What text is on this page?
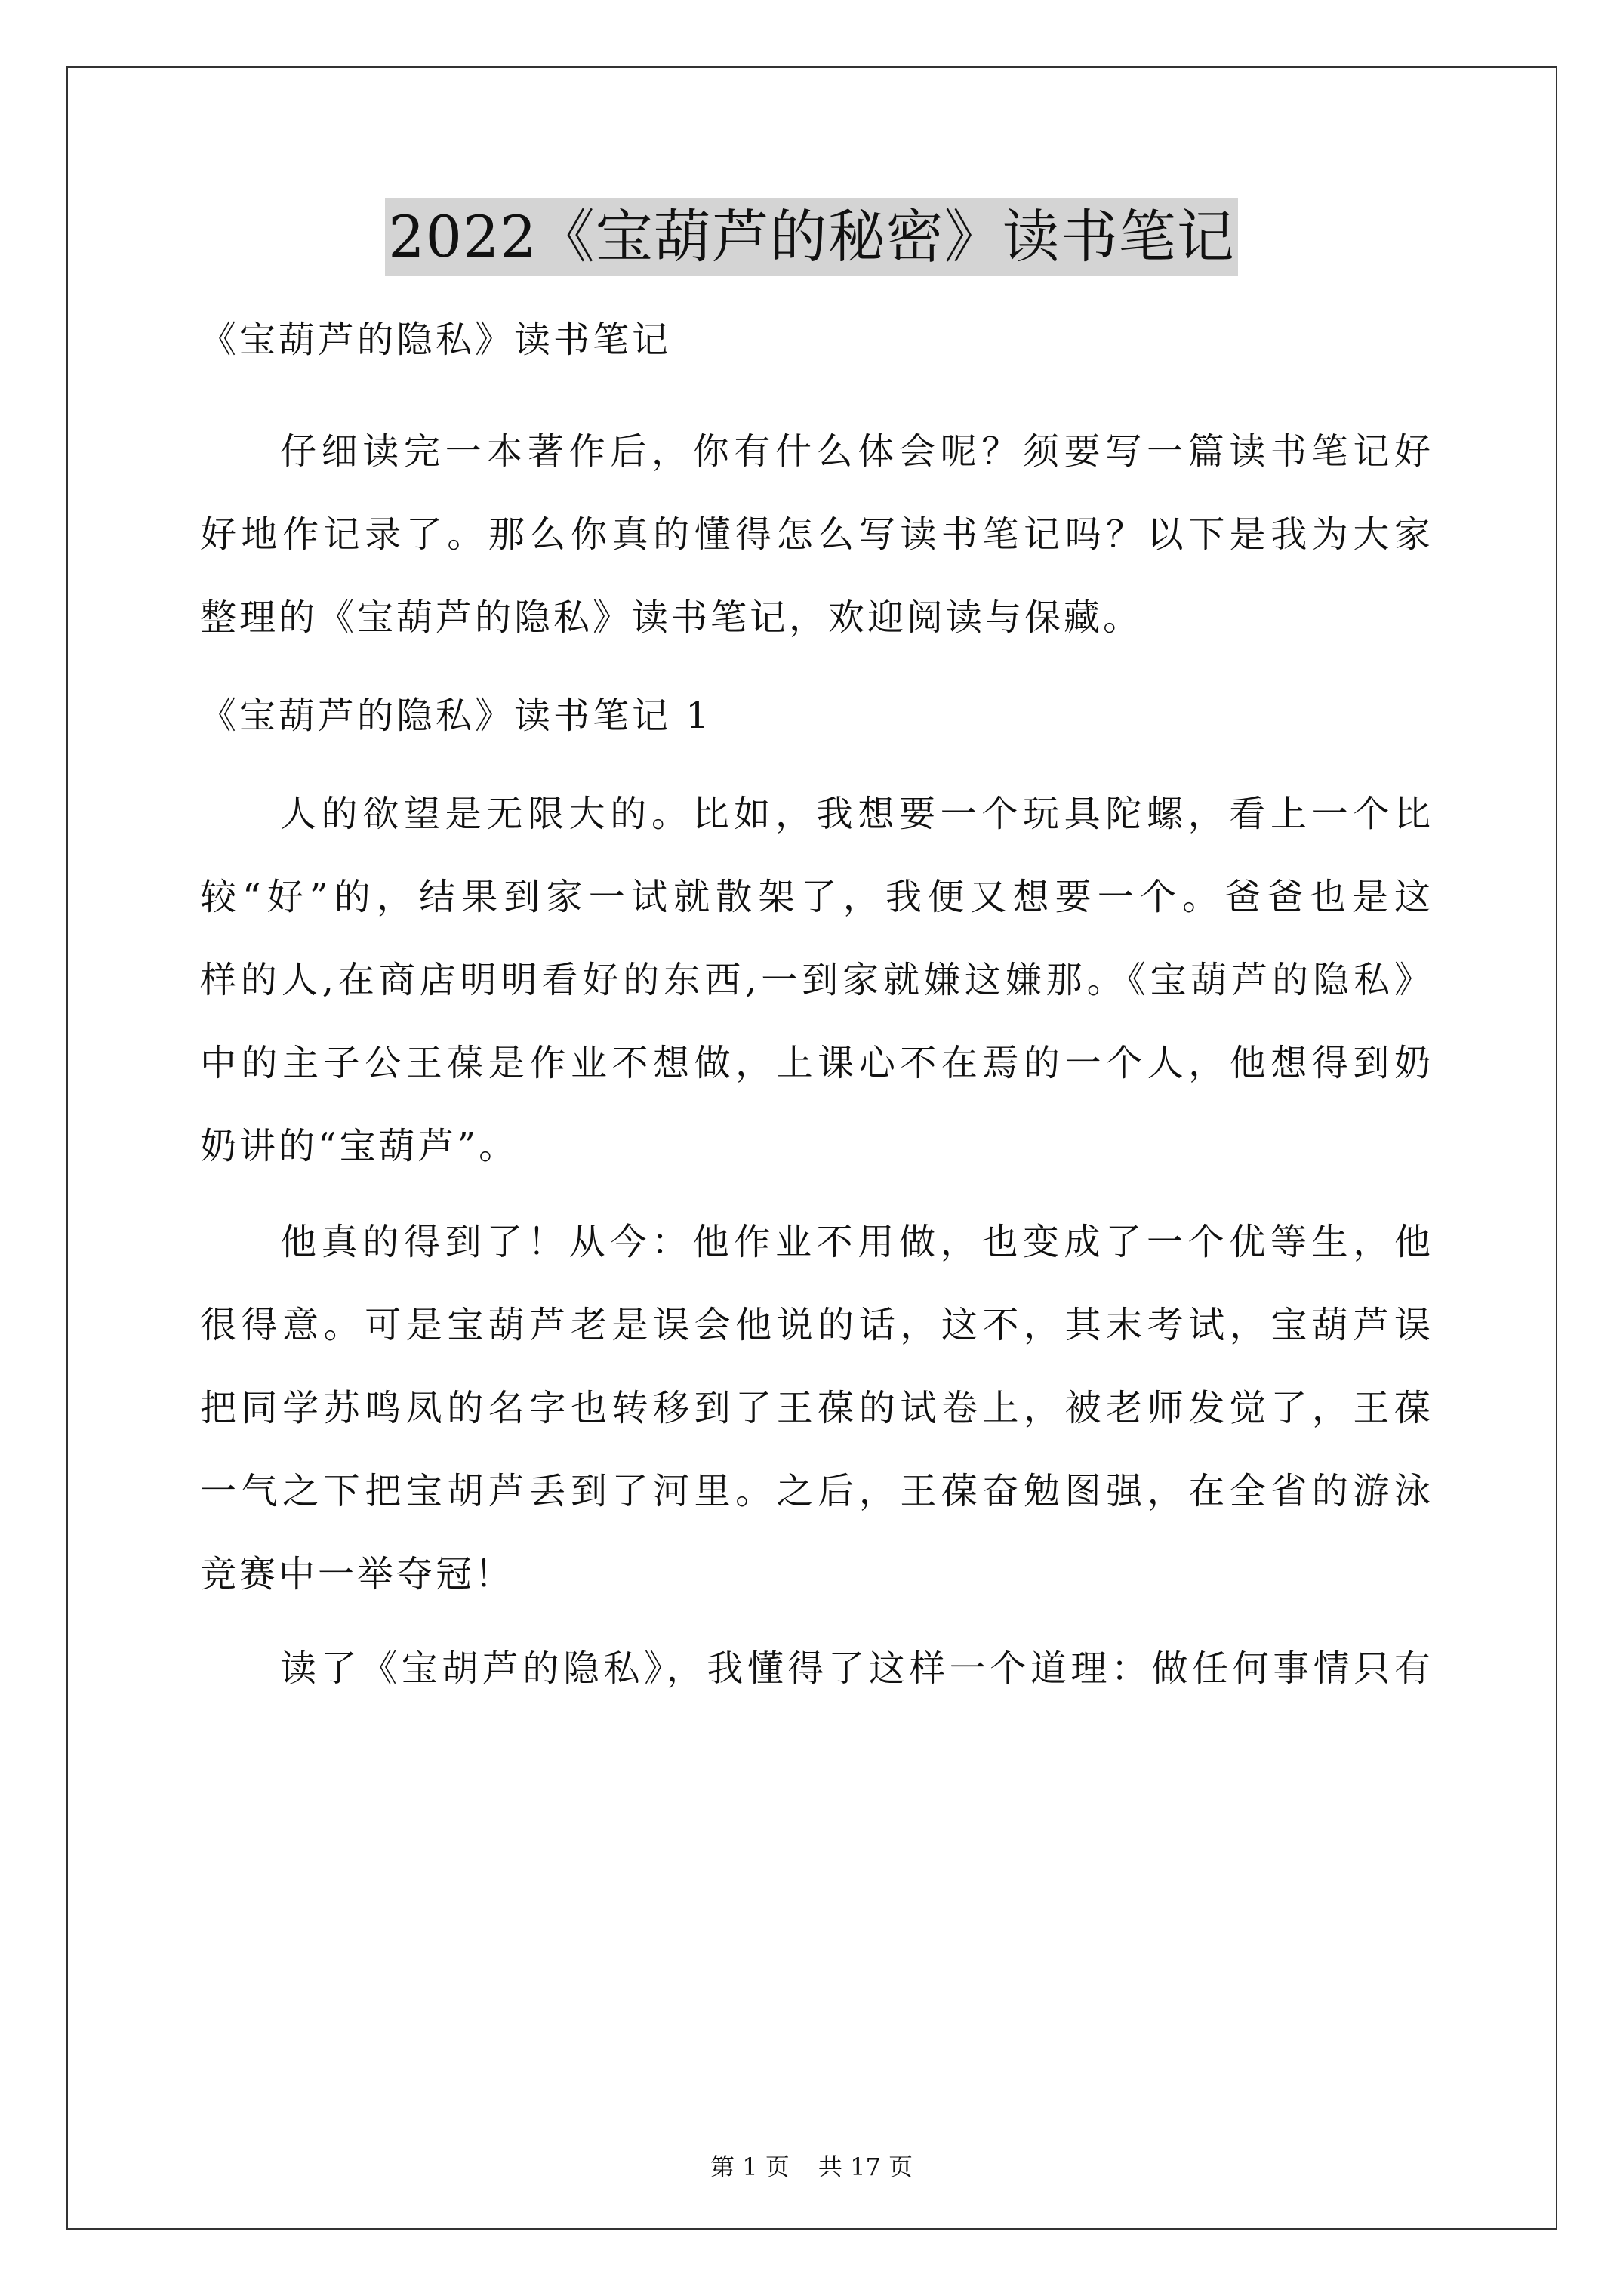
2022《宝葫芦的秘密》读书笔记
《宝葫芦的隐私》读书笔记
仔细读完一本著作后，你有什么体会呢？须要写一篇读书笔记好
好地作记录了。那么你真的懂得怎么写读书笔记吗？以下是我为大家
整理的《宝葫芦的隐私》读书笔记，欢迎阅读与保藏。
《宝葫芦的隐私》读书笔记 1
人的欲望是无限大的。比如，我想要一个玩具陀螺，看上一个比
较“好”的，结果到家一试就散架了，我便又想要一个。爸爸也是这
样的人,在商店明明看好的东西,一到家就嫌这嫌那。《宝葫芦的隐私》
中的主子公王葆是作业不想做，上课心不在焉的一个人，他想得到奶
奶讲的“宝葫芦”。
他真的得到了！从今：他作业不用做，也变成了一个优等生，他
很得意。可是宝葫芦老是误会他说的话，这不，其末考试，宝葫芦误
把同学苏鸣凤的名字也转移到了王葆的试卷上，被老师发觉了，王葆
一气之下把宝胡芦丢到了河里。之后，王葆奋勉图强，在全省的游泳
竞赛中一举夺冠！
读了《宝胡芦的隐私》，我懂得了这样一个道理：做任何事情只有
第 1 页 共 17 页
